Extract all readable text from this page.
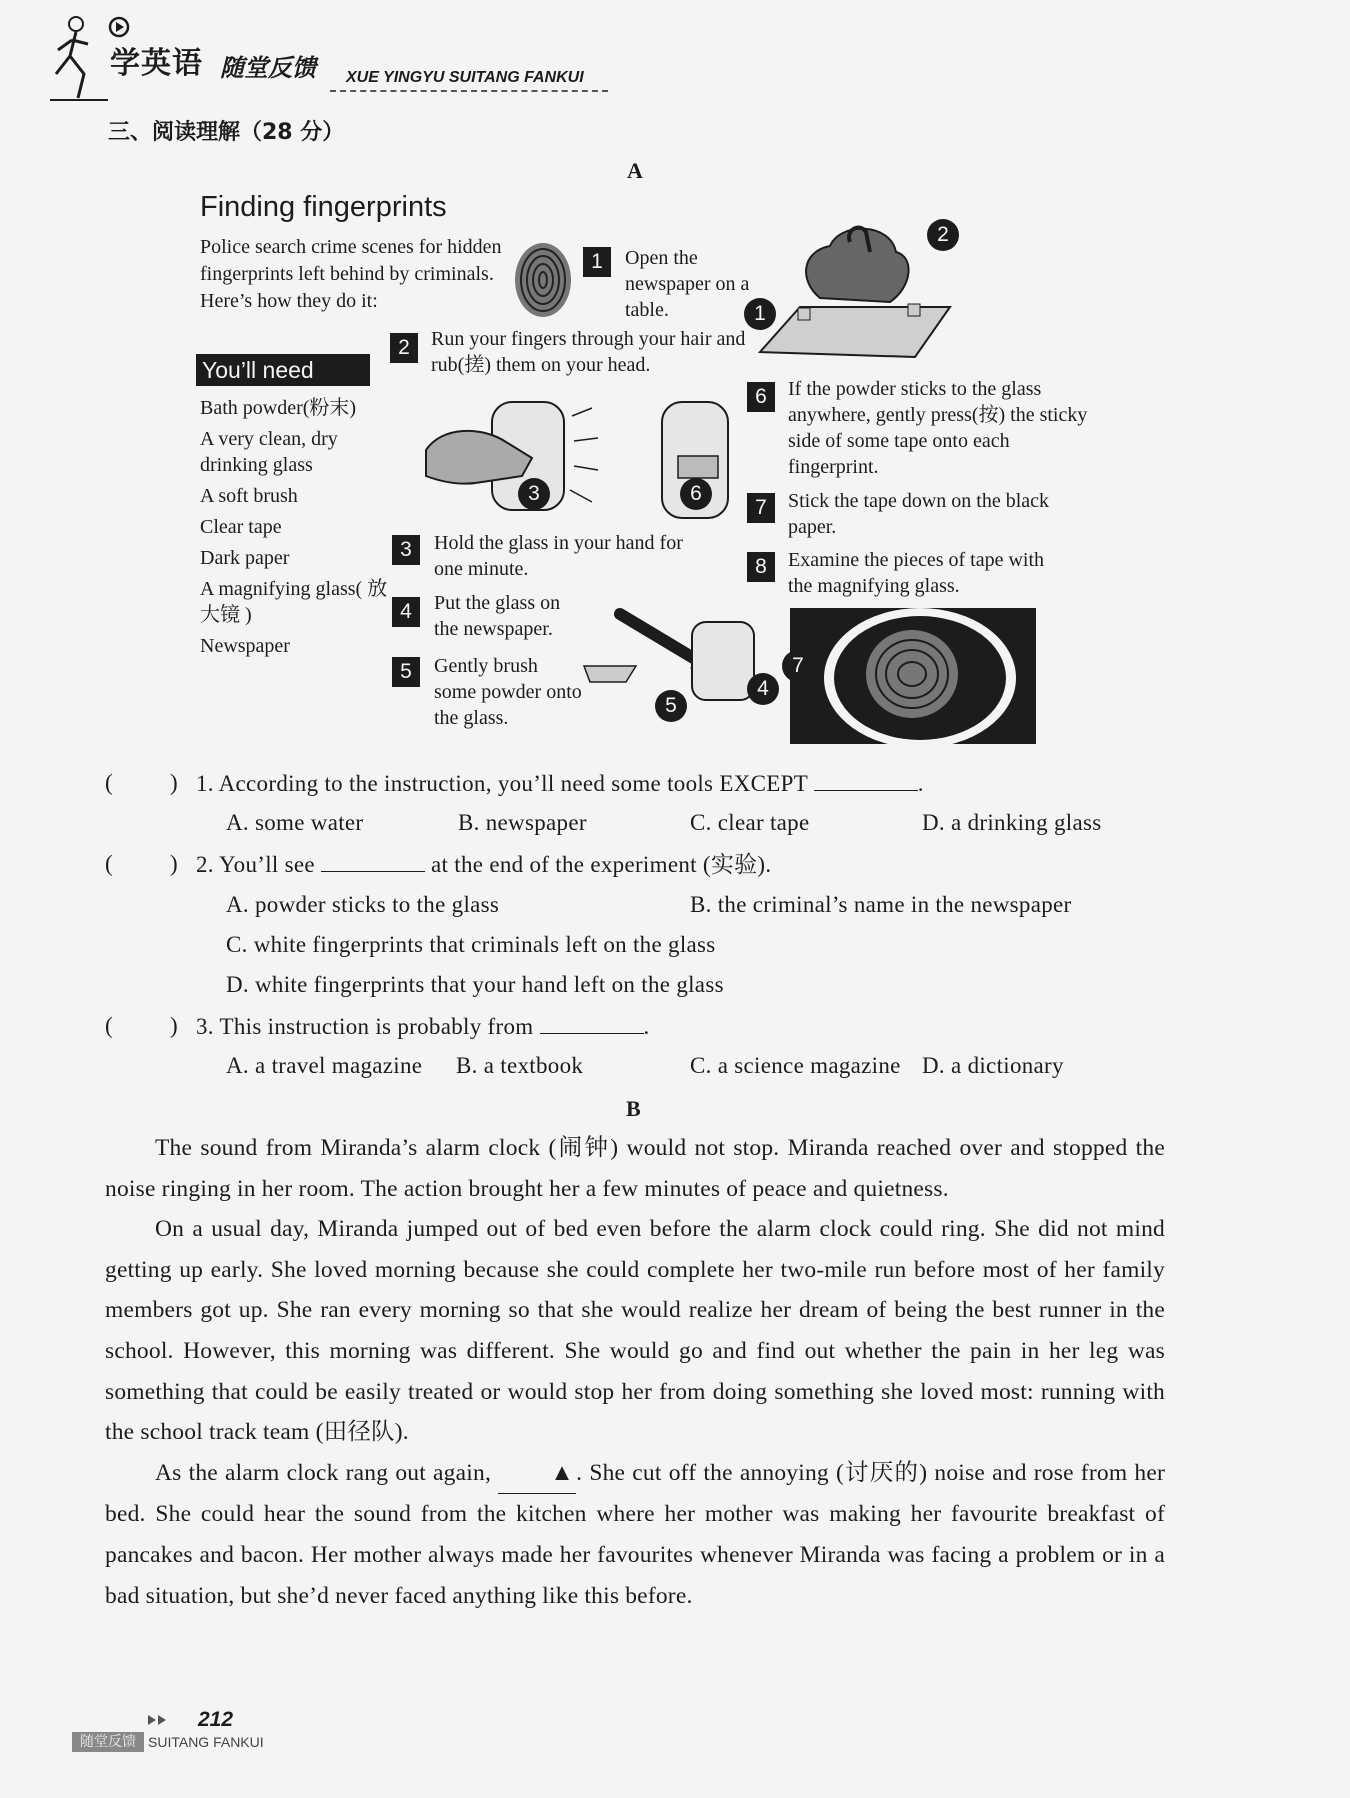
学英语 随堂反馈 XUE YINGYU SUITANG FANKUI
三、阅读理解（28 分）
A
Finding fingerprints
Police search crime scenes for hidden fingerprints left behind by criminals. Here’s how they do it:
1	Open the newspaper on a table.
2
1
2	Run your fingers through your hair and rub(搓) them on your head.
You’ll need
Bath powder(粉末)
A very clean, dry drinking glass
A soft brush
Clear tape
Dark paper
A magnifying glass( 放大镜 )
Newspaper
3	6
3	Hold the glass in your hand for one minute.
4	Put the glass on the newspaper.
5	Gently brush some powder onto the glass.
5
4
7
6	If the powder sticks to the glass anywhere, gently press(按) the sticky side of some tape onto each fingerprint.
7	Stick the tape down on the black paper.
8	Examine the pieces of tape with the magnifying glass.
( ) 1. According to the instruction, you’ll need some tools EXCEPT	.
A. some water	B. newspaper	C. clear tape	D. a drinking glass
( ) 2. You’ll see	at the end of the experiment (实验).
A. powder sticks to the glass	B. the criminal’s name in the newspaper
C. white fingerprints that criminals left on the glass
D. white fingerprints that your hand left on the glass
( ) 3. This instruction is probably from	.
A. a travel magazine B. a textbook	C. a science magazine D. a dictionary
B

The sound from Miranda’s alarm clock (闹钟) would not stop. Miranda reached over and stopped the noise ringing in her room. The action brought her a few minutes of peace and quietness.

On a usual day, Miranda jumped out of bed even before the alarm clock could ring. She did not mind getting up early. She loved morning because she could complete her two-mile run before most of her family members got up. She ran every morning so that she would realize her dream of being the best runner in the school. However, this morning was different. She would go and find out whether the pain in her leg was something that could be easily treated or would stop her from doing something she loved most: running with the school track team (田径队).

As the alarm clock rang out again,	▲. She cut off the annoying (讨厌的) noise and rose from her bed. She could hear the sound from the kitchen where her mother was making her favourite breakfast of pancakes and bacon. Her mother always made her favourites whenever Miranda was facing a problem or in a bad situation, but she’d never faced anything like this before.

212
随堂反馈 SUITANG FANKUI
